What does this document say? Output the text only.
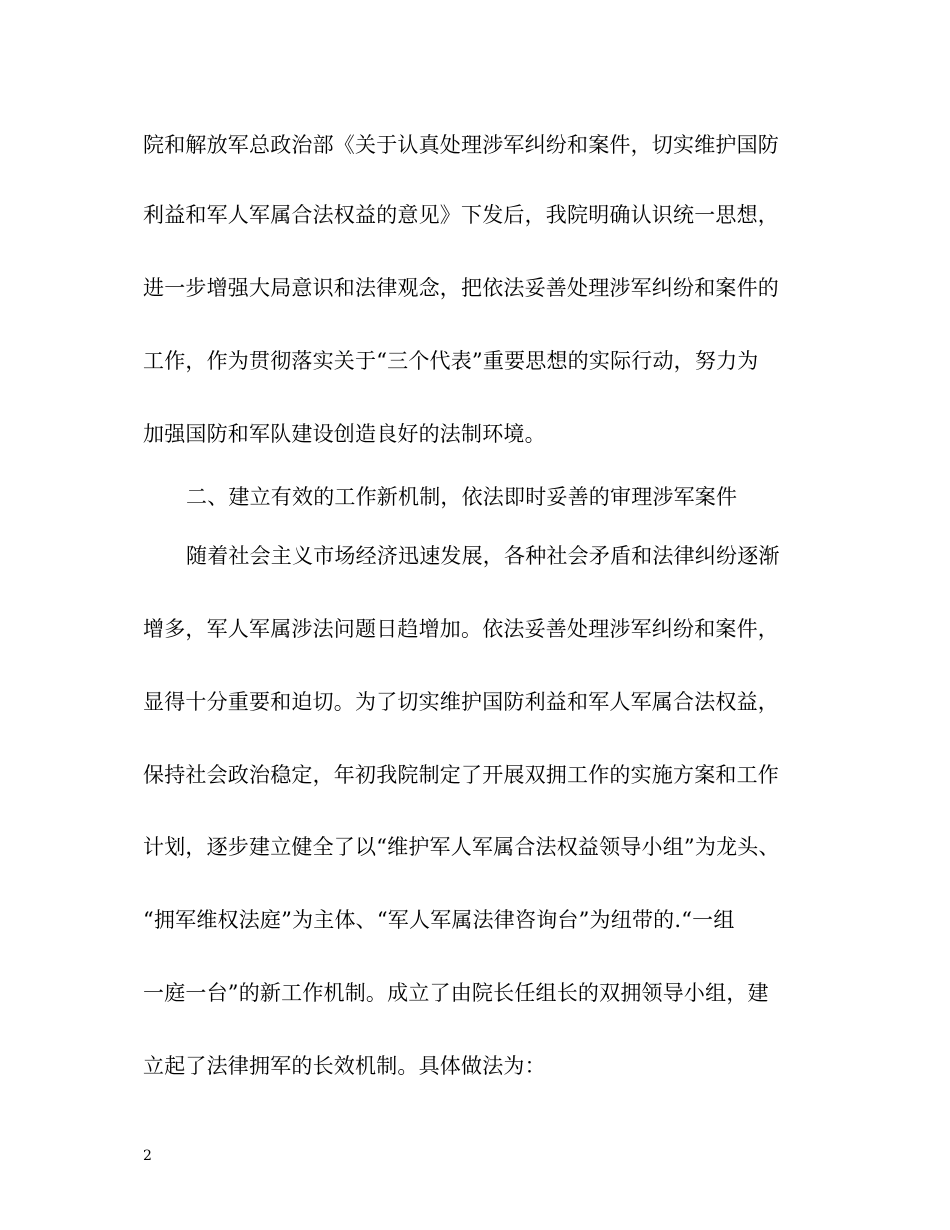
院和解放军总政治部《关于认真处理涉军纠纷和案件，切实维护国防
利益和军人军属合法权益的意见》下发后，我院明确认识统一思想，
进一步增强大局意识和法律观念，把依法妥善处理涉军纠纷和案件的
工作，作为贯彻落实关于“三个代表”重要思想的实际行动，努力为
加强国防和军队建设创造良好的法制环境。
二、建立有效的工作新机制，依法即时妥善的审理涉军案件
随着社会主义市场经济迅速发展，各种社会矛盾和法律纠纷逐渐
增多，军人军属涉法问题日趋增加。依法妥善处理涉军纠纷和案件，
显得十分重要和迫切。为了切实维护国防利益和军人军属合法权益，
保持社会政治稳定，年初我院制定了开展双拥工作的实施方案和工作
计划，逐步建立健全了以“维护军人军属合法权益领导小组”为龙头、
“拥军维权法庭”为主体、“军人军属法律咨询台”为纽带的.“一组
一庭一台”的新工作机制。成立了由院长任组长的双拥领导小组，建
立起了法律拥军的长效机制。具体做法为：
2
